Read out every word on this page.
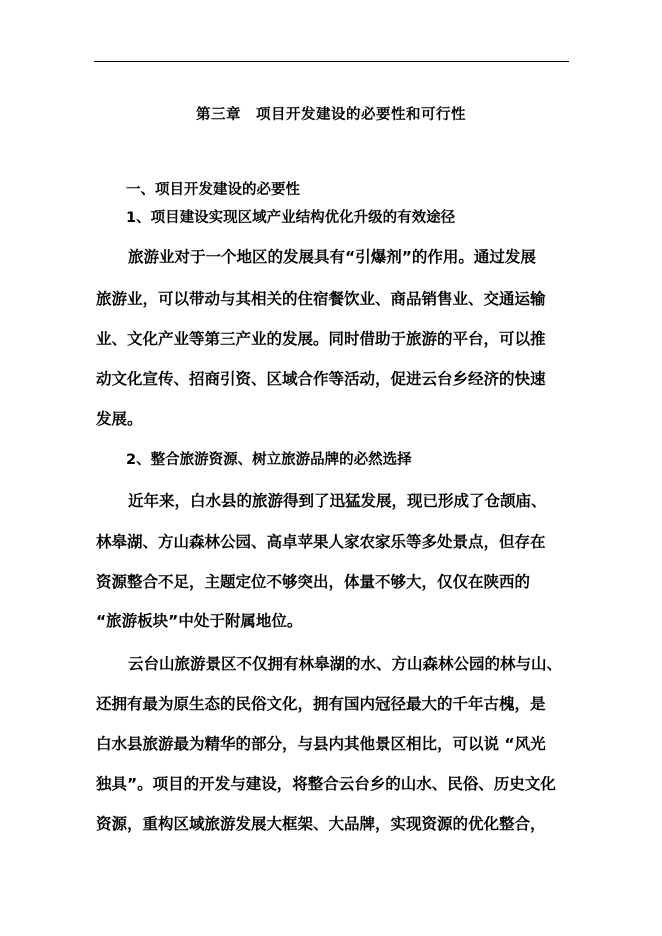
第三章　项目开发建设的必要性和可行性
一、项目开发建设的必要性
1、项目建设实现区域产业结构优化升级的有效途径
旅游业对于一个地区的发展具有“引爆剂”的作用。通过发展
旅游业，可以带动与其相关的住宿餐饮业、商品销售业、交通运输
业、文化产业等第三产业的发展。同时借助于旅游的平台，可以推
动文化宣传、招商引资、区域合作等活动，促进云台乡经济的快速
发展。
2、整合旅游资源、树立旅游品牌的必然选择
近年来，白水县的旅游得到了迅猛发展，现已形成了仓颉庙、
林皋湖、方山森林公园、高卓苹果人家农家乐等多处景点，但存在
资源整合不足，主题定位不够突出，体量不够大，仅仅在陕西的
“旅游板块”中处于附属地位。
云台山旅游景区不仅拥有林皋湖的水、方山森林公园的林与山、
还拥有最为原生态的民俗文化，拥有国内冠径最大的千年古槐，是
白水县旅游最为精华的部分，与县内其他景区相比，可以说 “风光
独具”。项目的开发与建设，将整合云台乡的山水、民俗、历史文化
资源，重构区域旅游发展大框架、大品牌，实现资源的优化整合，
